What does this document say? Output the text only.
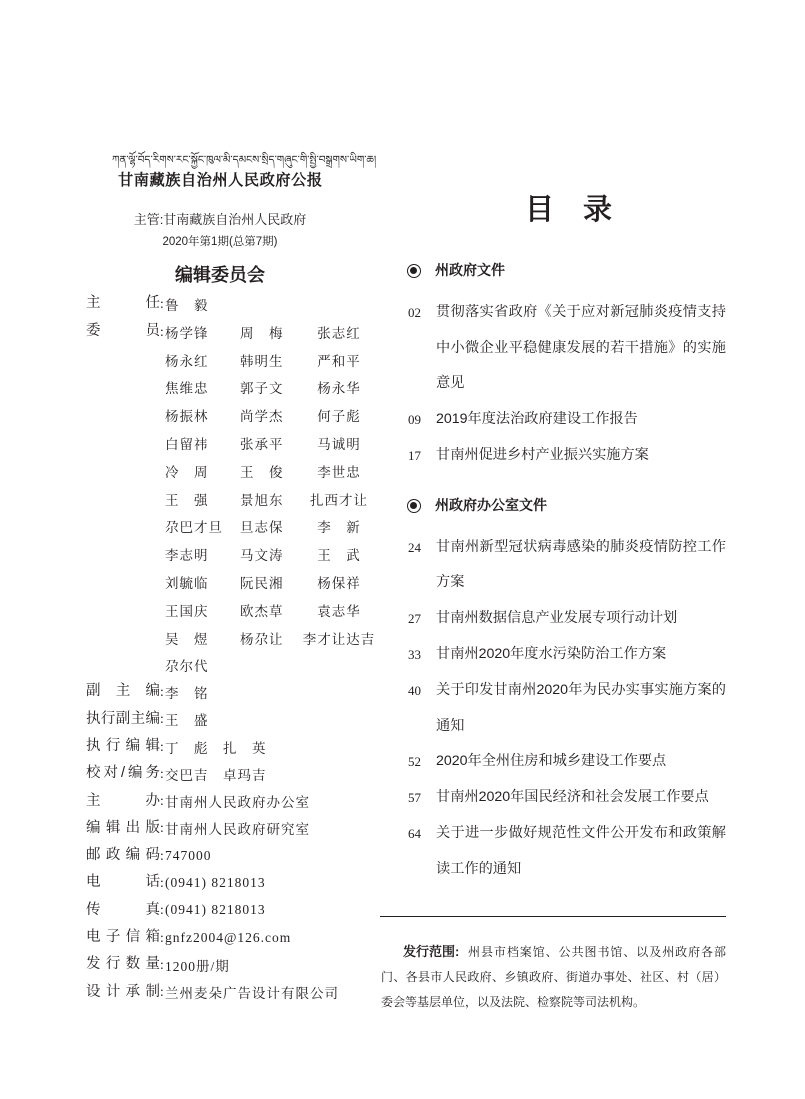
ཀན་ལྷོ་བོད་རིགས་རང་སྐྱོང་ཁུལ་མི་དམངས་སྲིད་གཞུང་གི་སྤྱི་བསྒྲགས་ཡིག་ཆ།
甘南藏族自治州人民政府公报
主管:甘南藏族自治州人民政府
2020年第1期(总第7期)
编辑委员会
主任 : 鲁　毅
委员 : 杨学锋 周　梅	张志红
杨永红 韩明生	严和平
焦维忠 郭子文	杨永华
杨振林 尚学杰	何子彪
白留祎 张承平	马诚明
冷　周 王　俊	李世忠
王　强 景旭东	扎西才让
尕巴才旦 旦志保	李　新
李志明 马文涛	王　武
刘毓临 阮民湘	杨保祥
王国庆 欧杰草	袁志华
吴　煜 杨尕让 李才让达吉
尕尔代
副主编 : 李　铭
执行副主编 : 王　盛
执行编辑 : 丁　彪　扎　英
校对/编务 : 交巴吉　卓玛吉
主办 : 甘南州人民政府办公室
编辑出版 : 甘南州人民政府研究室
邮政编码 : 747000
电话 : (0941) 8218013
传真 : (0941) 8218013
电子信箱 : gnfz2004@126.com
发行数量 : 1200册/期
设计承制 : 兰州麦朵广告设计有限公司
目　录
州政府文件
02 贯彻落实省政府《关于应对新冠肺炎疫情支持
中小微企业平稳健康发展的若干措施》的实施
意见
09 2019年度法治政府建设工作报告
17 甘南州促进乡村产业振兴实施方案
州政府办公室文件
24 甘南州新型冠状病毒感染的肺炎疫情防控工作
方案
27 甘南州数据信息产业发展专项行动计划
33 甘南州2020年度水污染防治工作方案
40 关于印发甘南州2020年为民办实事实施方案的
通知
52 2020年全州住房和城乡建设工作要点
57 甘南州2020年国民经济和社会发展工作要点
64 关于进一步做好规范性文件公开发布和政策解
读工作的通知
发行范围: 州县市档案馆、公共图书馆、以及州政府各部
门、各县市人民政府、乡镇政府、街道办事处、社区、村（居）
委会等基层单位，以及法院、检察院等司法机构。
